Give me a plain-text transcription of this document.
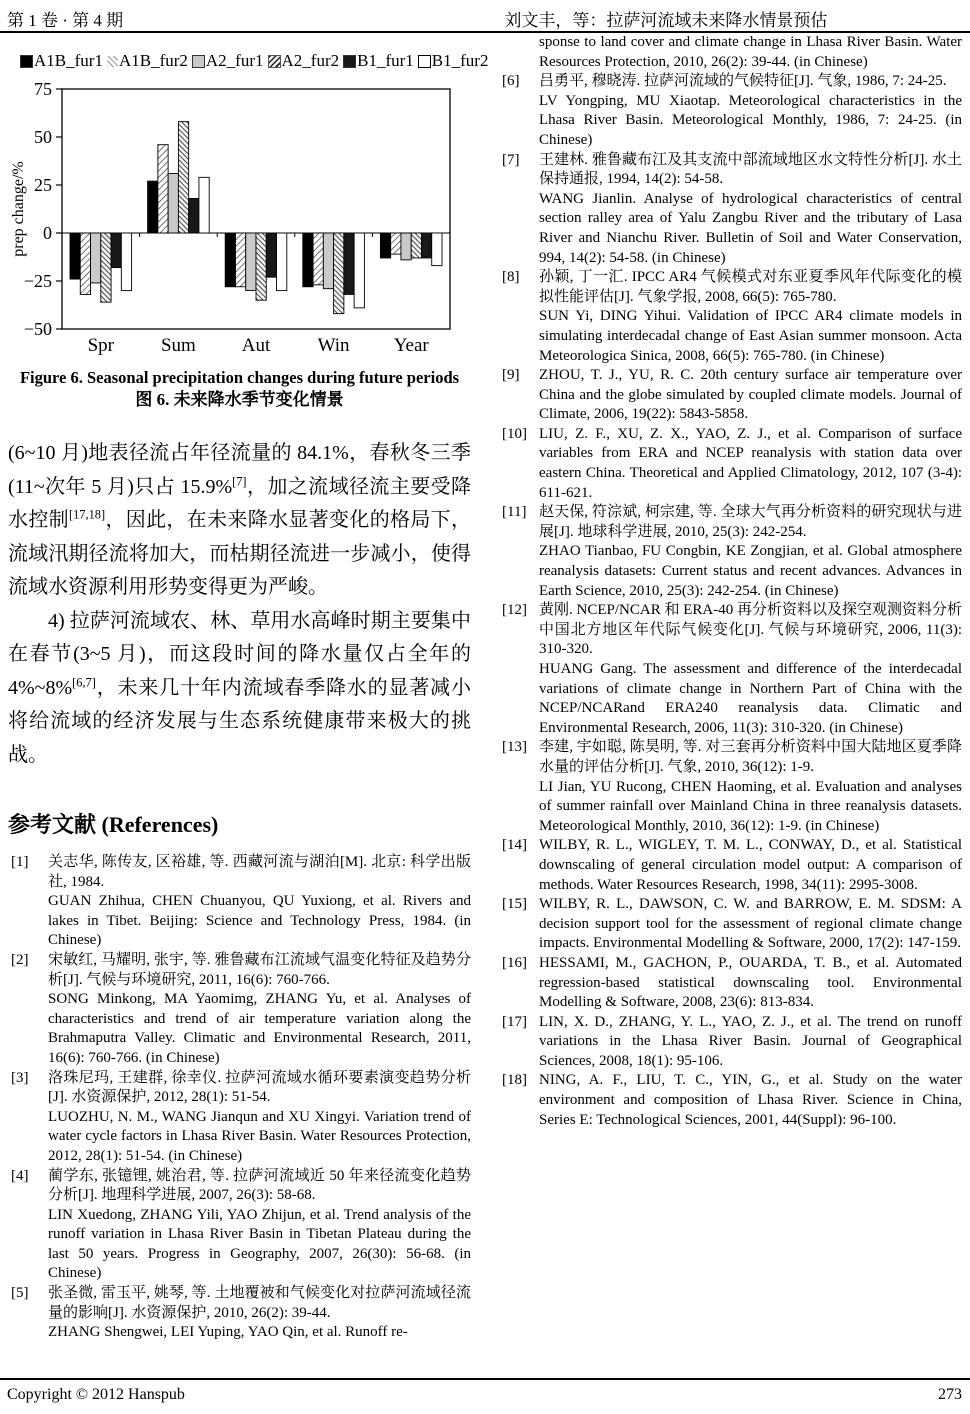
第 1 卷 · 第 4 期	刘文丰，等：拉萨河流域未来降水情景预估
A1B_fur1 A1B_fur2 A2_fur1 A2_fur2 B1_fur1 B1_fur2
75
50
25
0
−25
−50
Spr Sum Aut Win Year
prep change/%
Figure 6. Seasonal precipitation changes during future periods
图 6. 未来降水季节变化情景

(6~10 月)地表径流占年径流量的 84.1%，春秋冬三季(11~次年 5 月)只占 15.9%[7]，加之流域径流主要受降水控制[17,18]，因此，在未来降水显著变化的格局下，流域汛期径流将加大，而枯期径流进一步减小，使得流域水资源利用形势变得更为严峻。

4) 拉萨河流域农、林、草用水高峰时期主要集中在春节(3~5 月)，而这段时间的降水量仅占全年的 4%~8%[6,7]，未来几十年内流域春季降水的显著减小将给流域的经济发展与生态系统健康带来极大的挑战。

参考文献 (References)
[1] 关志华, 陈传友, 区裕雄, 等. 西藏河流与湖泊[M]. 北京: 科学出版社, 1984.
GUAN Zhihua, CHEN Chuanyou, QU Yuxiong, et al. Rivers and lakes in Tibet. Beijing: Science and Technology Press, 1984. (in Chinese)
[2] 宋敏红, 马耀明, 张宇, 等. 雅鲁藏布江流域气温变化特征及趋势分析[J]. 气候与环境研究, 2011, 16(6): 760-766.
SONG Minkong, MA Yaomimg, ZHANG Yu, et al. Analyses of characteristics and trend of air temperature variation along the Brahmaputra Valley. Climatic and Environmental Research, 2011, 16(6): 760-766. (in Chinese)
[3] 洛珠尼玛, 王建群, 徐幸仪. 拉萨河流域水循环要素演变趋势分析[J]. 水资源保护, 2012, 28(1): 51-54.
LUOZHU, N. M., WANG Jianqun and XU Xingyi. Variation trend of water cycle factors in Lhasa River Basin. Water Resources Protection, 2012, 28(1): 51-54. (in Chinese)
[4] 蔺学东, 张镱锂, 姚治君, 等. 拉萨河流域近 50 年来径流变化趋势分析[J]. 地理科学进展, 2007, 26(3): 58-68.
LIN Xuedong, ZHANG Yili, YAO Zhijun, et al. Trend analysis of the runoff variation in Lhasa River Basin in Tibetan Plateau during the last 50 years. Progress in Geography, 2007, 26(30): 56-68. (in Chinese)
[5] 张圣微, 雷玉平, 姚琴, 等. 土地覆被和气候变化对拉萨河流域径流量的影响[J]. 水资源保护, 2010, 26(2): 39-44.
ZHANG Shengwei, LEI Yuping, YAO Qin, et al. Runoff re-
sponse to land cover and climate change in Lhasa River Basin. Water Resources Protection, 2010, 26(2): 39-44. (in Chinese)
[6] 吕勇平, 穆晓涛. 拉萨河流域的气候特征[J]. 气象, 1986, 7: 24-25.
LV Yongping, MU Xiaotap. Meteorological characteristics in the Lhasa River Basin. Meteorological Monthly, 1986, 7: 24-25. (in Chinese)
[7] 王建林. 雅鲁藏布江及其支流中部流域地区水文特性分析[J]. 水土保持通报, 1994, 14(2): 54-58.
WANG Jianlin. Analyse of hydrological characteristics of central section ralley area of Yalu Zangbu River and the tributary of Lasa River and Nianchu River. Bulletin of Soil and Water Conservation, 994, 14(2): 54-58. (in Chinese)
[8] 孙颖, 丁一汇. IPCC AR4 气候模式对东亚夏季风年代际变化的模拟性能评估[J]. 气象学报, 2008, 66(5): 765-780.
SUN Yi, DING Yihui. Validation of IPCC AR4 climate models in simulating interdecadal change of East Asian summer monsoon. Acta Meteorologica Sinica, 2008, 66(5): 765-780. (in Chinese)
[9] ZHOU, T. J., YU, R. C. 20th century surface air temperature over China and the globe simulated by coupled climate models. Journal of Climate, 2006, 19(22): 5843-5858.
[10] LIU, Z. F., XU, Z. X., YAO, Z. J., et al. Comparison of surface variables from ERA and NCEP reanalysis with station data over eastern China. Theoretical and Applied Climatology, 2012, 107 (3-4): 611-621.
[11] 赵天保, 符淙斌, 柯宗建, 等. 全球大气再分析资料的研究现状与进展[J]. 地球科学进展, 2010, 25(3): 242-254.
ZHAO Tianbao, FU Congbin, KE Zongjian, et al. Global atmosphere reanalysis datasets: Current status and recent advances. Advances in Earth Science, 2010, 25(3): 242-254. (in Chinese)
[12] 黄刚. NCEP/NCAR 和 ERA-40 再分析资料以及探空观测资料分析中国北方地区年代际气候变化[J]. 气候与环境研究, 2006, 11(3): 310-320.
HUANG Gang. The assessment and difference of the interdecadal variations of climate change in Northern Part of China with the NCEP/NCARand ERA240 reanalysis data. Climatic and Environmental Research, 2006, 11(3): 310-320. (in Chinese)
[13] 李建, 宇如聪, 陈昊明, 等. 对三套再分析资料中国大陆地区夏季降水量的评估分析[J]. 气象, 2010, 36(12): 1-9.
LI Jian, YU Rucong, CHEN Haoming, et al. Evaluation and analyses of summer rainfall over Mainland China in three reanalysis datasets. Meteorological Monthly, 2010, 36(12): 1-9. (in Chinese)
[14] WILBY, R. L., WIGLEY, T. M. L., CONWAY, D., et al. Statistical downscaling of general circulation model output: A comparison of methods. Water Resources Research, 1998, 34(11): 2995-3008.
[15] WILBY, R. L., DAWSON, C. W. and BARROW, E. M. SDSM: A decision support tool for the assessment of regional climate change impacts. Environmental Modelling & Software, 2000, 17(2): 147-159.
[16] HESSAMI, M., GACHON, P., OUARDA, T. B., et al. Automated regression-based statistical downscaling tool. Environmental Modelling & Software, 2008, 23(6): 813-834.
[17] LIN, X. D., ZHANG, Y. L., YAO, Z. J., et al. The trend on runoff variations in the Lhasa River Basin. Journal of Geographical Sciences, 2008, 18(1): 95-106.
[18] NING, A. F., LIU, T. C., YIN, G., et al. Study on the water environment and composition of Lhasa River. Science in China, Series E: Technological Sciences, 2001, 44(Suppl): 96-100.
Copyright © 2012 Hanspub	273
